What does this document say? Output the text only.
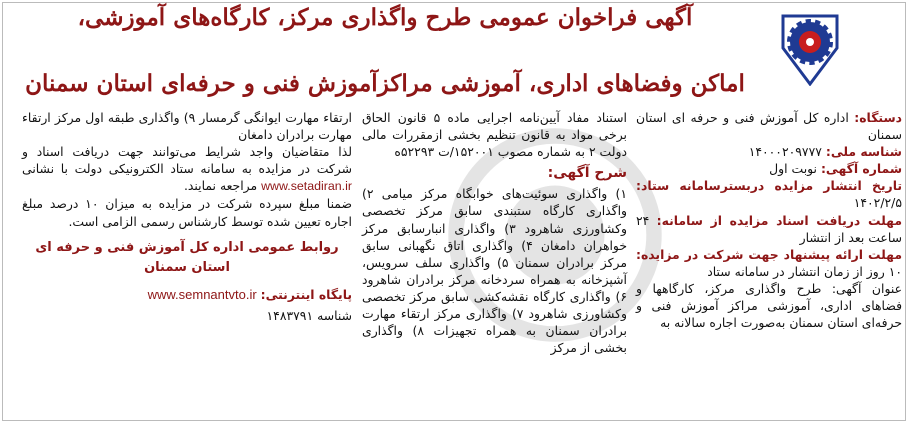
آگهی فراخوان عمومی طرح واگذاری مرکز، کارگاه‌های آموزشی،
اماکن وفضاهای اداری، آموزشی مراکزآموزش فنی و حرفه‌ای استان سمنان

دستگاه: اداره کل آموزش فنی و حرفه ای استان سمنان

شناسه ملی: ۱۴۰۰۰۲۰۹۷۷۷

شماره آگهی: نوبت اول

تاریخ انتشار مزایده دربسترسامانه ستاد: ۱۴۰۲/۲/۵

مهلت دریافت اسناد مزایده از سامانه: ۲۴ ساعت بعد از انتشار

مهلت ارائه پیشنهاد جهت شرکت در مزایده: ۱۰ روز از زمان انتشار در سامانه ستاد

عنوان آگهی: طرح واگذاری مرکز، کارگاهها و فضاهای اداری، آموزشی مراکز آموزش فنی و حرفه‌ای استان سمنان به‌صورت اجاره سالانه به

استناد مفاد آیین‌نامه اجرایی ماده ۵ قانون الحاق برخی مواد به قانون تنظیم بخشی ازمقررات مالی دولت ۲ به شماره مصوب ۱۵۲۰۰۱/ت ۵۲۲۹۳ه

شرح آگهی:

۱) واگذاری سوئیت‌های خوابگاه مرکز میامی ۲) واگذاری کارگاه ستبندی سابق مرکز تخصصی وکشاورزی شاهرود ۳) واگذاری انبارسابق مرکز خواهران دامغان ۴) واگذاری اتاق نگهبانی سابق مرکز برادران سمنان ۵) واگذاری سلف سرویس، آشپزخانه به همراه سردخانه مرکز برادران شاهرود ۶) واگذاری کارگاه نقشه‌کشی سابق مرکز تخصصی وکشاورزی شاهرود ۷) واگذاری مرکز ارتقاء مهارت برادران سمنان به همراه تجهیزات ۸) واگذاری بخشی از مرکز

ارتقاء مهارت ایوانگی گرمسار ۹) واگذاری طبقه اول مرکز ارتقاء مهارت برادران دامغان

لذا متقاضیان واجد شرایط می‌توانند جهت دریافت اسناد و شرکت در مزایده به سامانه ستاد الکترونیکی دولت با نشانی www.setadiran.ir مراجعه نمایند.

ضمنا مبلغ سپرده شرکت در مزایده به میزان ۱۰ درصد مبلغ اجاره تعیین شده توسط کارشناس رسمی الزامی است.

روابط عمومی اداره کل آموزش فنی و حرفه ای

استان سمنان

پایگاه اینترنتی: www.semnantvto.ir

شناسه ۱۴۸۳۷۹۱
